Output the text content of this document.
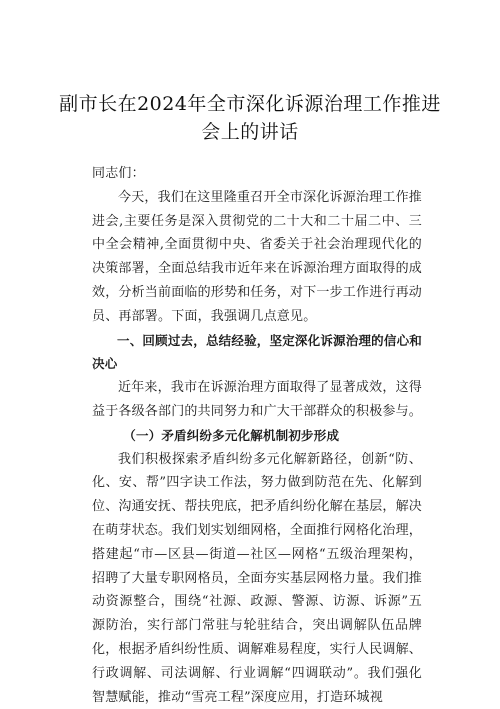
副市长在2024年全市深化诉源治理工作推进
会上的讲话

同志们：

今天，我们在这里隆重召开全市深化诉源治理工作推进会,主要任务是深入贯彻党的二十大和二十届二中、三中全会精神,全面贯彻中央、省委关于社会治理现代化的决策部署，全面总结我市近年来在诉源治理方面取得的成效，分析当前面临的形势和任务，对下一步工作进行再动员、再部署。下面，我强调几点意见。

一、回顾过去，总结经验，坚定深化诉源治理的信心和决心

近年来，我市在诉源治理方面取得了显著成效，这得益于各级各部门的共同努力和广大干部群众的积极参与。

（一）矛盾纠纷多元化解机制初步形成

我们积极探索矛盾纠纷多元化解新路径，创新“防、化、安、帮”四字诀工作法，努力做到防范在先、化解到位、沟通安抚、帮扶兜底，把矛盾纠纷化解在基层，解决在萌芽状态。我们划实划细网格，全面推行网格化治理，搭建起“市—区县—街道—社区—网格“五级治理架构，招聘了大量专职网格员，全面夯实基层网格力量。我们推动资源整合，围绕“社源、政源、警源、访源、诉源”五源防治，实行部门常驻与轮驻结合，突出调解队伍品牌化，根据矛盾纠纷性质、调解难易程度，实行人民调解、行政调解、司法调解、行业调解“四调联动”。我们强化智慧赋能，推动“雪亮工程”深度应用，打造环城视
